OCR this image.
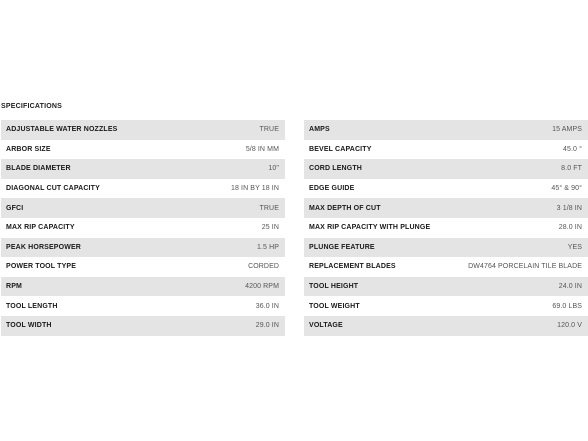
SPECIFICATIONS
ADJUSTABLE WATER NOZZLES	TRUE
ARBOR SIZE	5/8 IN MM
BLADE DIAMETER	10"
DIAGONAL CUT CAPACITY	18 IN BY 18 IN
GFCI	TRUE
MAX RIP CAPACITY	25 IN
PEAK HORSEPOWER	1.5 HP
POWER TOOL TYPE	CORDED
RPM	4200 RPM
TOOL LENGTH	36.0 IN
TOOL WIDTH	29.0 IN
AMPS	15 AMPS
BEVEL CAPACITY	45.0 °
CORD LENGTH	8.0 FT
EDGE GUIDE	45° & 90°
MAX DEPTH OF CUT	3 1/8 IN
MAX RIP CAPACITY WITH PLUNGE	28.0 IN
PLUNGE FEATURE	YES
REPLACEMENT BLADES	DW4764 PORCELAIN TILE BLADE
TOOL HEIGHT	24.0 IN
TOOL WEIGHT	69.0 LBS
VOLTAGE	120.0 V
